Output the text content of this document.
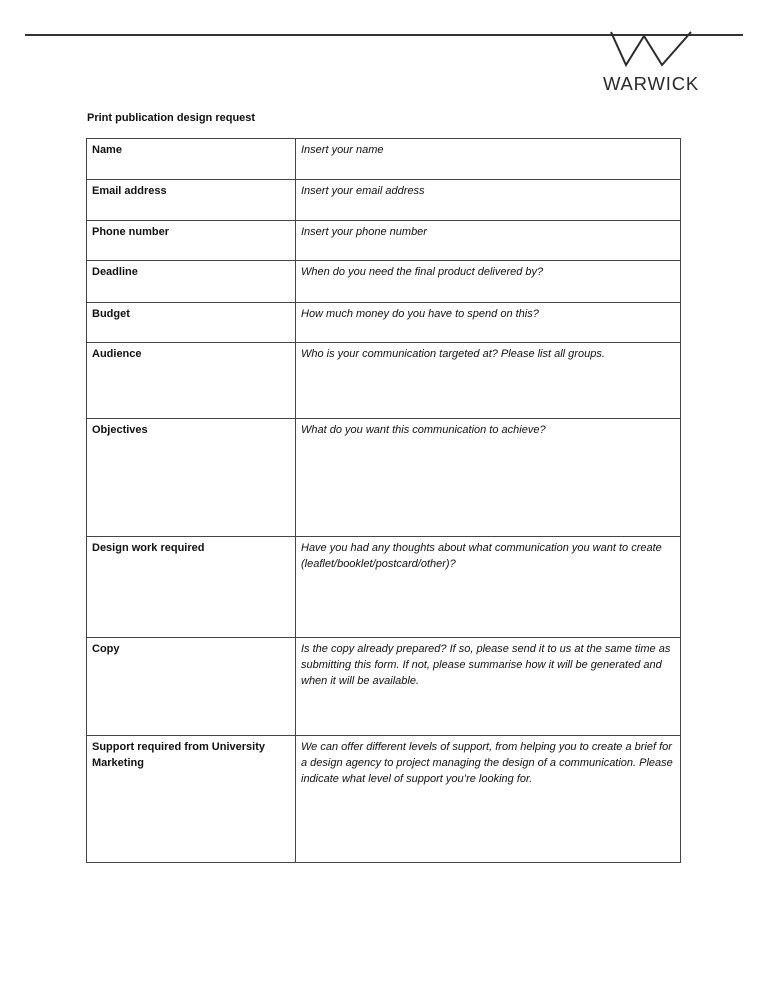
WARWICK
Print publication design request
Name	Insert your name
Email address	Insert your email address
Phone number	Insert your phone number
Deadline	When do you need the final product delivered by?
Budget	How much money do you have to spend on this?
Audience	Who is your communication targeted at? Please list all groups.
Objectives	What do you want this communication to achieve?
Design work required	Have you had any thoughts about what communication you want to create (leaflet/booklet/postcard/other)?
Copy	Is the copy already prepared? If so, please send it to us at the same time as submitting this form. If not, please summarise how it will be generated and when it will be available.
Support required from University Marketing	We can offer different levels of support, from helping you to create a brief for a design agency to project managing the design of a communication. Please indicate what level of support you’re looking for.
